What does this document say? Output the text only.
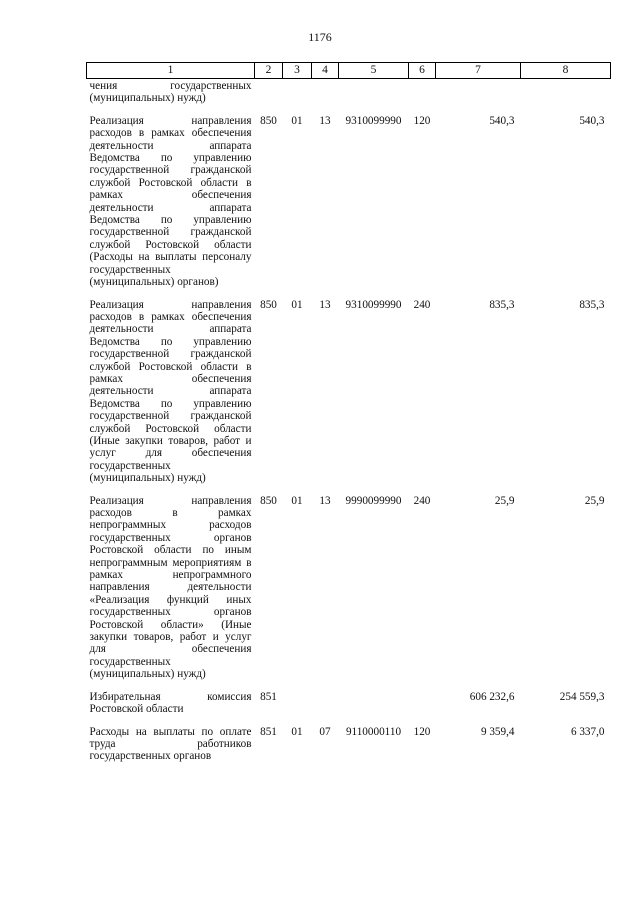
1176
1	2	3	4	5	6	7	8
чения государственных (муниципальных) нужд)							
Реализация направления расходов в рамках обеспечения деятельности аппарата Ведомства по управлению государственной гражданской службой Ростовской области в рамках обеспечения деятельности аппарата Ведомства по управлению государственной гражданской службой Ростовской области (Расходы на выплаты персоналу государственных (муниципальных) органов)	850	01	13	9310099990	120	540,3	540,3
Реализация направления расходов в рамках обеспечения деятельности аппарата Ведомства по управлению государственной гражданской службой Ростовской области в рамках обеспечения деятельности аппарата Ведомства по управлению государственной гражданской службой Ростовской области (Иные закупки товаров, работ и услуг для обеспечения государственных (муниципальных) нужд)	850	01	13	9310099990	240	835,3	835,3
Реализация направления расходов в рамках непрограммных расходов государственных органов Ростовской области по иным непрограммным мероприятиям в рамках непрограммного направления деятельности «Реализация функций иных государственных органов Ростовской области» (Иные закупки товаров, работ и услуг для обеспечения государственных (муниципальных) нужд)	850	01	13	9990099990	240	25,9	25,9
Избирательная комиссия Ростовской области	851					606 232,6	254 559,3
Расходы на выплаты по оплате труда работников государственных органов	851	01	07	9110000110	120	9 359,4	6 337,0
